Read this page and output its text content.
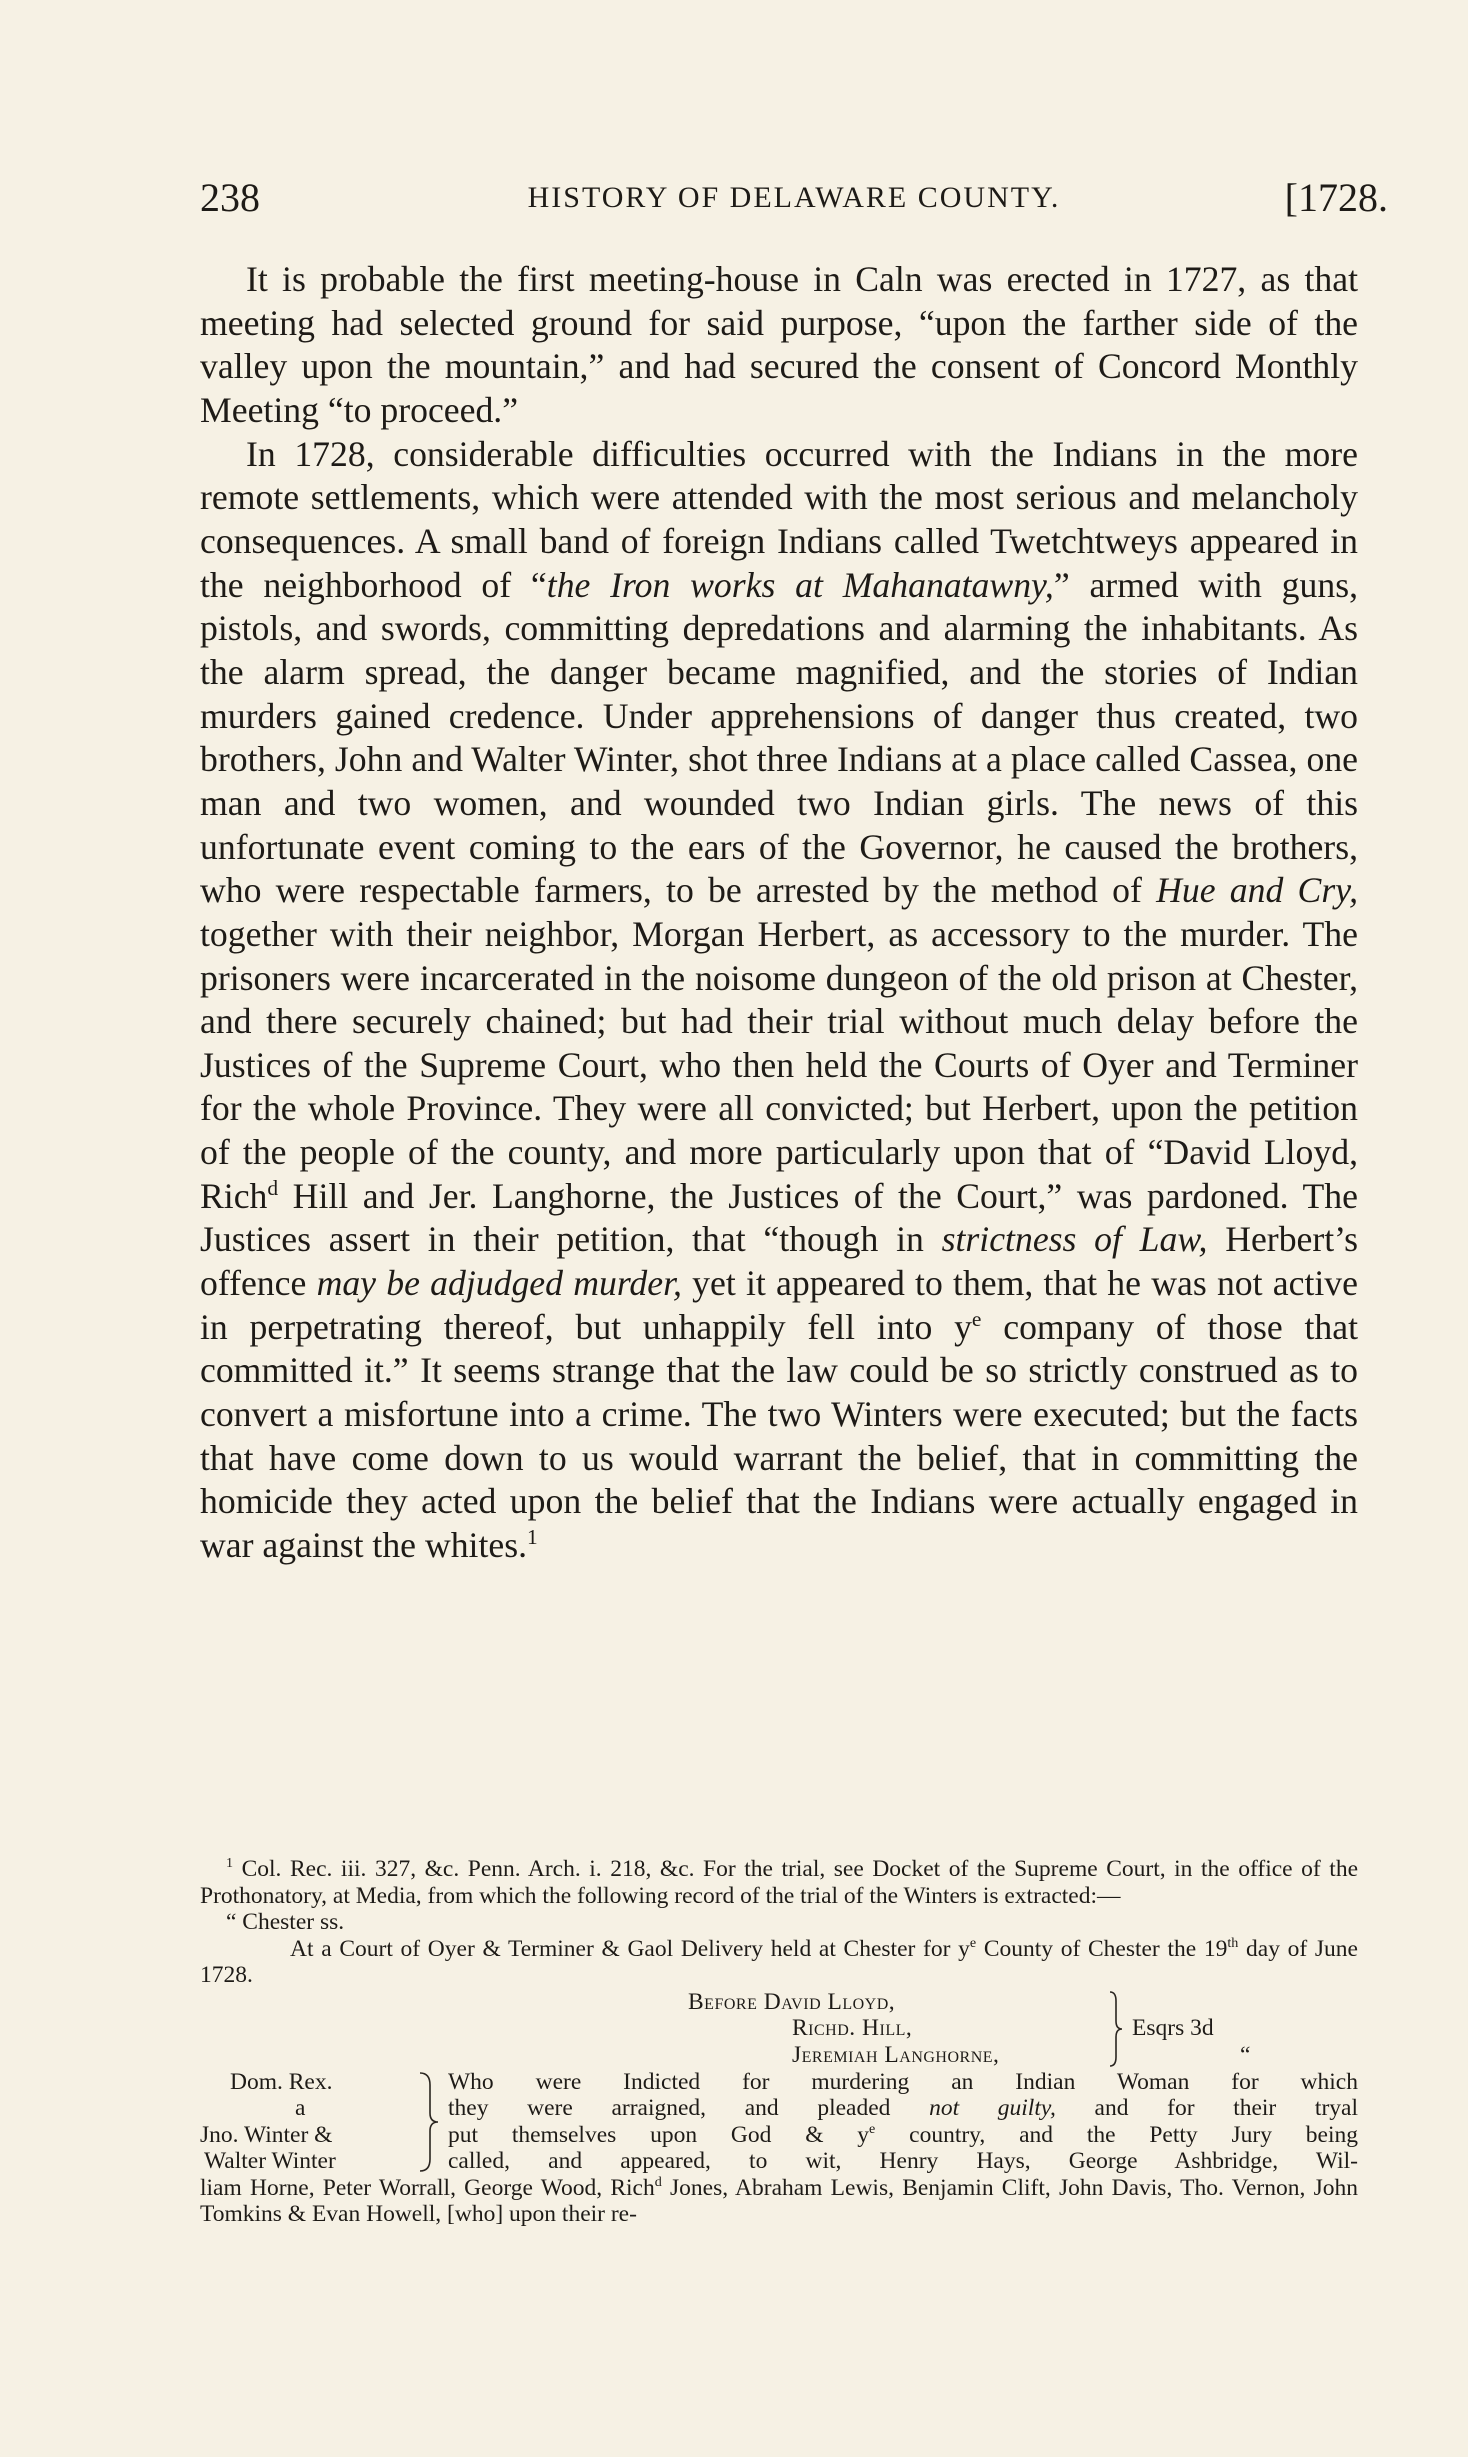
238	HISTORY OF DELAWARE COUNTY.	[1728.

It is probable the first meeting-house in Caln was erected in 1727, as that meeting had selected ground for said purpose, “upon the farther side of the valley upon the mountain,” and had secured the consent of Concord Monthly Meeting “to proceed.”

In 1728, considerable difficulties occurred with the Indians in the more remote settlements, which were attended with the most serious and melancholy consequences. A small band of foreign Indians called Twetchtweys appeared in the neighborhood of “the Iron works at Mahanatawny,” armed with guns, pistols, and swords, committing depredations and alarming the inhabitants. As the alarm spread, the danger became magnified, and the stories of Indian murders gained credence. Under apprehensions of danger thus created, two brothers, John and Walter Winter, shot three Indians at a place called Cassea, one man and two women, and wounded two Indian girls. The news of this unfortunate event coming to the ears of the Governor, he caused the brothers, who were respectable farmers, to be arrested by the method of Hue and Cry, together with their neighbor, Morgan Herbert, as accessory to the murder. The prisoners were incarcerated in the noisome dungeon of the old prison at Chester, and there securely chained; but had their trial without much delay before the Justices of the Supreme Court, who then held the Courts of Oyer and Terminer for the whole Province. They were all convicted; but Herbert, upon the petition of the people of the county, and more particularly upon that of “David Lloyd, Rich$^d$ Hill and Jer. Langhorne, the Justices of the Court,” was pardoned. The Justices assert in their petition, that “though in strictness of Law, Herbert’s offence may be adjudged murder, yet it appeared to them, that he was not active in perpetrating thereof, but unhappily fell into $y^e$ company of those that committed it.” It seems strange that the law could be so strictly construed as to convert a misfortune into a crime. The two Winters were executed; but the facts that have come down to us would warrant the belief, that in committing the homicide they acted upon the belief that the Indians were actually engaged in war against the whites.$^1$

$^1$ Col. Rec. iii. 327, &c. Penn. Arch. i. 218, &c. For the trial, see Docket of the Supreme Court, in the office of the Prothonatory, at Media, from which the following record of the trial of the Winters is extracted:—

“ Chester ss.

At a Court of Oyer & Terminer & Gaol Delivery held at Chester for $y^e$ County of Chester the 19th day of June 1728.

Before David Lloyd,
Richd. Hill,
Jeremiah Langhorne,
Esqrs 3d
“
Dom. Rex.
a
Jno. Winter &
Walter Winter
Who were Indicted for murdering an Indian Woman for which
they were arraigned, and pleaded not guilty, and for their tryal
put themselves upon God & $y^e$ country, and the Petty Jury being
called, and appeared, to wit, Henry Hays, George Ashbridge, Wil-

liam Horne, Peter Worrall, George Wood, Rich$^d$ Jones, Abraham Lewis, Benjamin Clift, John Davis, Tho. Vernon, John Tomkins & Evan Howell, [who] upon their re-
